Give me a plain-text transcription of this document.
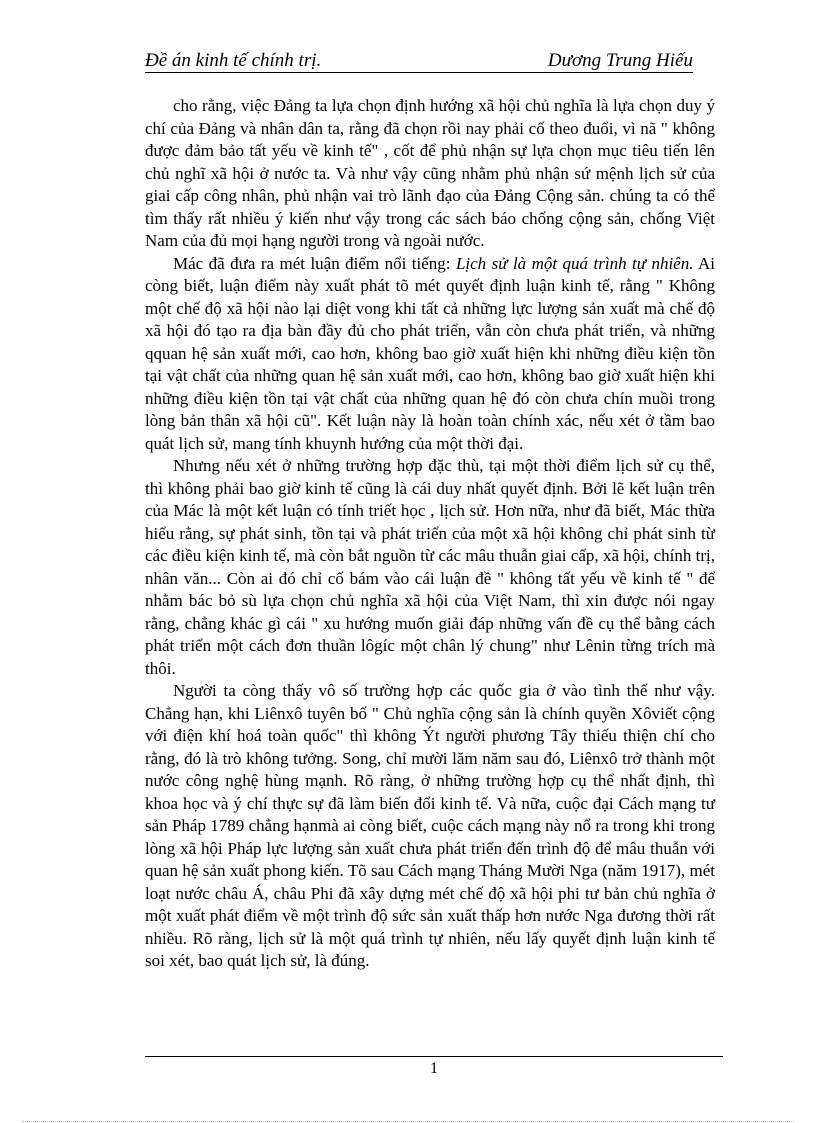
Đề án kinh tế chính trị.	Dương Trung Hiếu

cho rằng, việc Đảng ta lựa chọn định hướng xã hội chủ nghĩa là lựa chọn duy ý chí của Đảng và nhân dân ta, rằng đã chọn rồi nay phải cố theo đuổi, vì nã " không được đảm bảo tất yếu về kinh tế" , cốt để phủ nhận sự lựa chọn mục tiêu tiến lên chủ nghĩ xã hội ở nước ta. Và như vậy cũng nhằm phủ nhận sứ mệnh lịch sử của giai cấp công nhân, phủ nhận vai trò lãnh đạo của Đảng Cộng sản. chúng ta có thể tìm thấy rất nhiều ý kiến như vậy trong các sách báo chống cộng sản, chống Việt Nam của đủ mọi hạng người trong và ngoài nước.

Mác đã đưa ra mét luận điểm nổi tiếng: Lịch sử là một quá trình tự nhiên. Ai còng biết, luận điểm này xuất phát tõ mét quyết định luận kinh tế, rằng " Không một chế độ xã hội nào lại diệt vong khi tất cả những lực lượng sản xuất mà chế độ xã hội đó tạo ra địa bàn đầy đủ cho phát triển, vẫn còn chưa phát triển, và những qquan hệ sản xuất mới, cao hơn, không bao giờ xuất hiện khi những điều kiện tồn tại vật chất của những quan hệ sản xuất mới, cao hơn, không bao giờ xuất hiện khi những điều kiện tồn tại vật chất của những quan hệ đó còn chưa chín muồi trong lòng bản thân xã hội cũ". Kết luận này là hoàn toàn chính xác, nếu xét ở tầm bao quát lịch sử, mang tính khuynh hướng của một thời đại.

Nhưng nếu xét ở những trường hợp đặc thù, tại một thời điểm lịch sử cụ thể, thì không phải bao giờ kinh tế cũng là cái duy nhất quyết định. Bởi lẽ kết luận trên của Mác là một kết luận có tính triết học , lịch sử. Hơn nữa, như đã biết, Mác thừa hiểu rằng, sự phát sinh, tồn tại và phát triển của một xã hội không chỉ phát sinh từ các điều kiện kinh tế, mà còn bắt nguồn từ các mâu thuẫn giai cấp, xã hội, chính trị, nhân văn... Còn ai đó chỉ cố bám vào cái luận đề " không tất yếu về kinh tế " để nhằm bác bỏ sù lựa chọn chủ nghĩa xã hội của Việt Nam, thì xin được nói ngay rằng, chẳng khác gì cái " xu hướng muốn giải đáp những vấn đề cụ thể bằng cách phát triển một cách đơn thuần lôgíc một chân lý chung" như Lênin từng trích mà thôi.

Người ta còng thấy vô số trường hợp các quốc gia ở vào tình thế như vậy. Chẳng hạn, khi Liênxô tuyên bố " Chủ nghĩa cộng sản là chính quyền Xôviết cộng với điện khí hoá toàn quốc" thì không Ýt người phương Tây thiếu thiện chí cho rằng, đó là trò không tưởng. Song, chỉ mười lăm năm sau đó, Liênxô trở thành một nước công nghệ hùng mạnh. Rõ ràng, ở những trường hợp cụ thể nhất định, thì khoa học và ý chí thực sự đã làm biến đổi kinh tế. Và nữa, cuộc đại Cách mạng tư sản Pháp 1789 chẳng hạnmà ai còng biết, cuộc cách mạng này nổ ra trong khi trong lòng xã hội Pháp lực lượng sản xuất chưa phát triển đến trình độ để mâu thuẫn với quan hệ sản xuất phong kiến. Tõ sau Cách mạng Tháng Mười Nga (năm 1917), mét loạt nước châu Á, châu Phi đã xây dựng mét chế độ xã hội phi tư bản chủ nghĩa ở một xuất phát điểm về một trình độ sức sản xuất thấp hơn nước Nga đương thời rất nhiều. Rõ ràng, lịch sử là một quá trình tự nhiên, nếu lấy quyết định luận kinh tế soi xét, bao quát lịch sử, là đúng.

1
